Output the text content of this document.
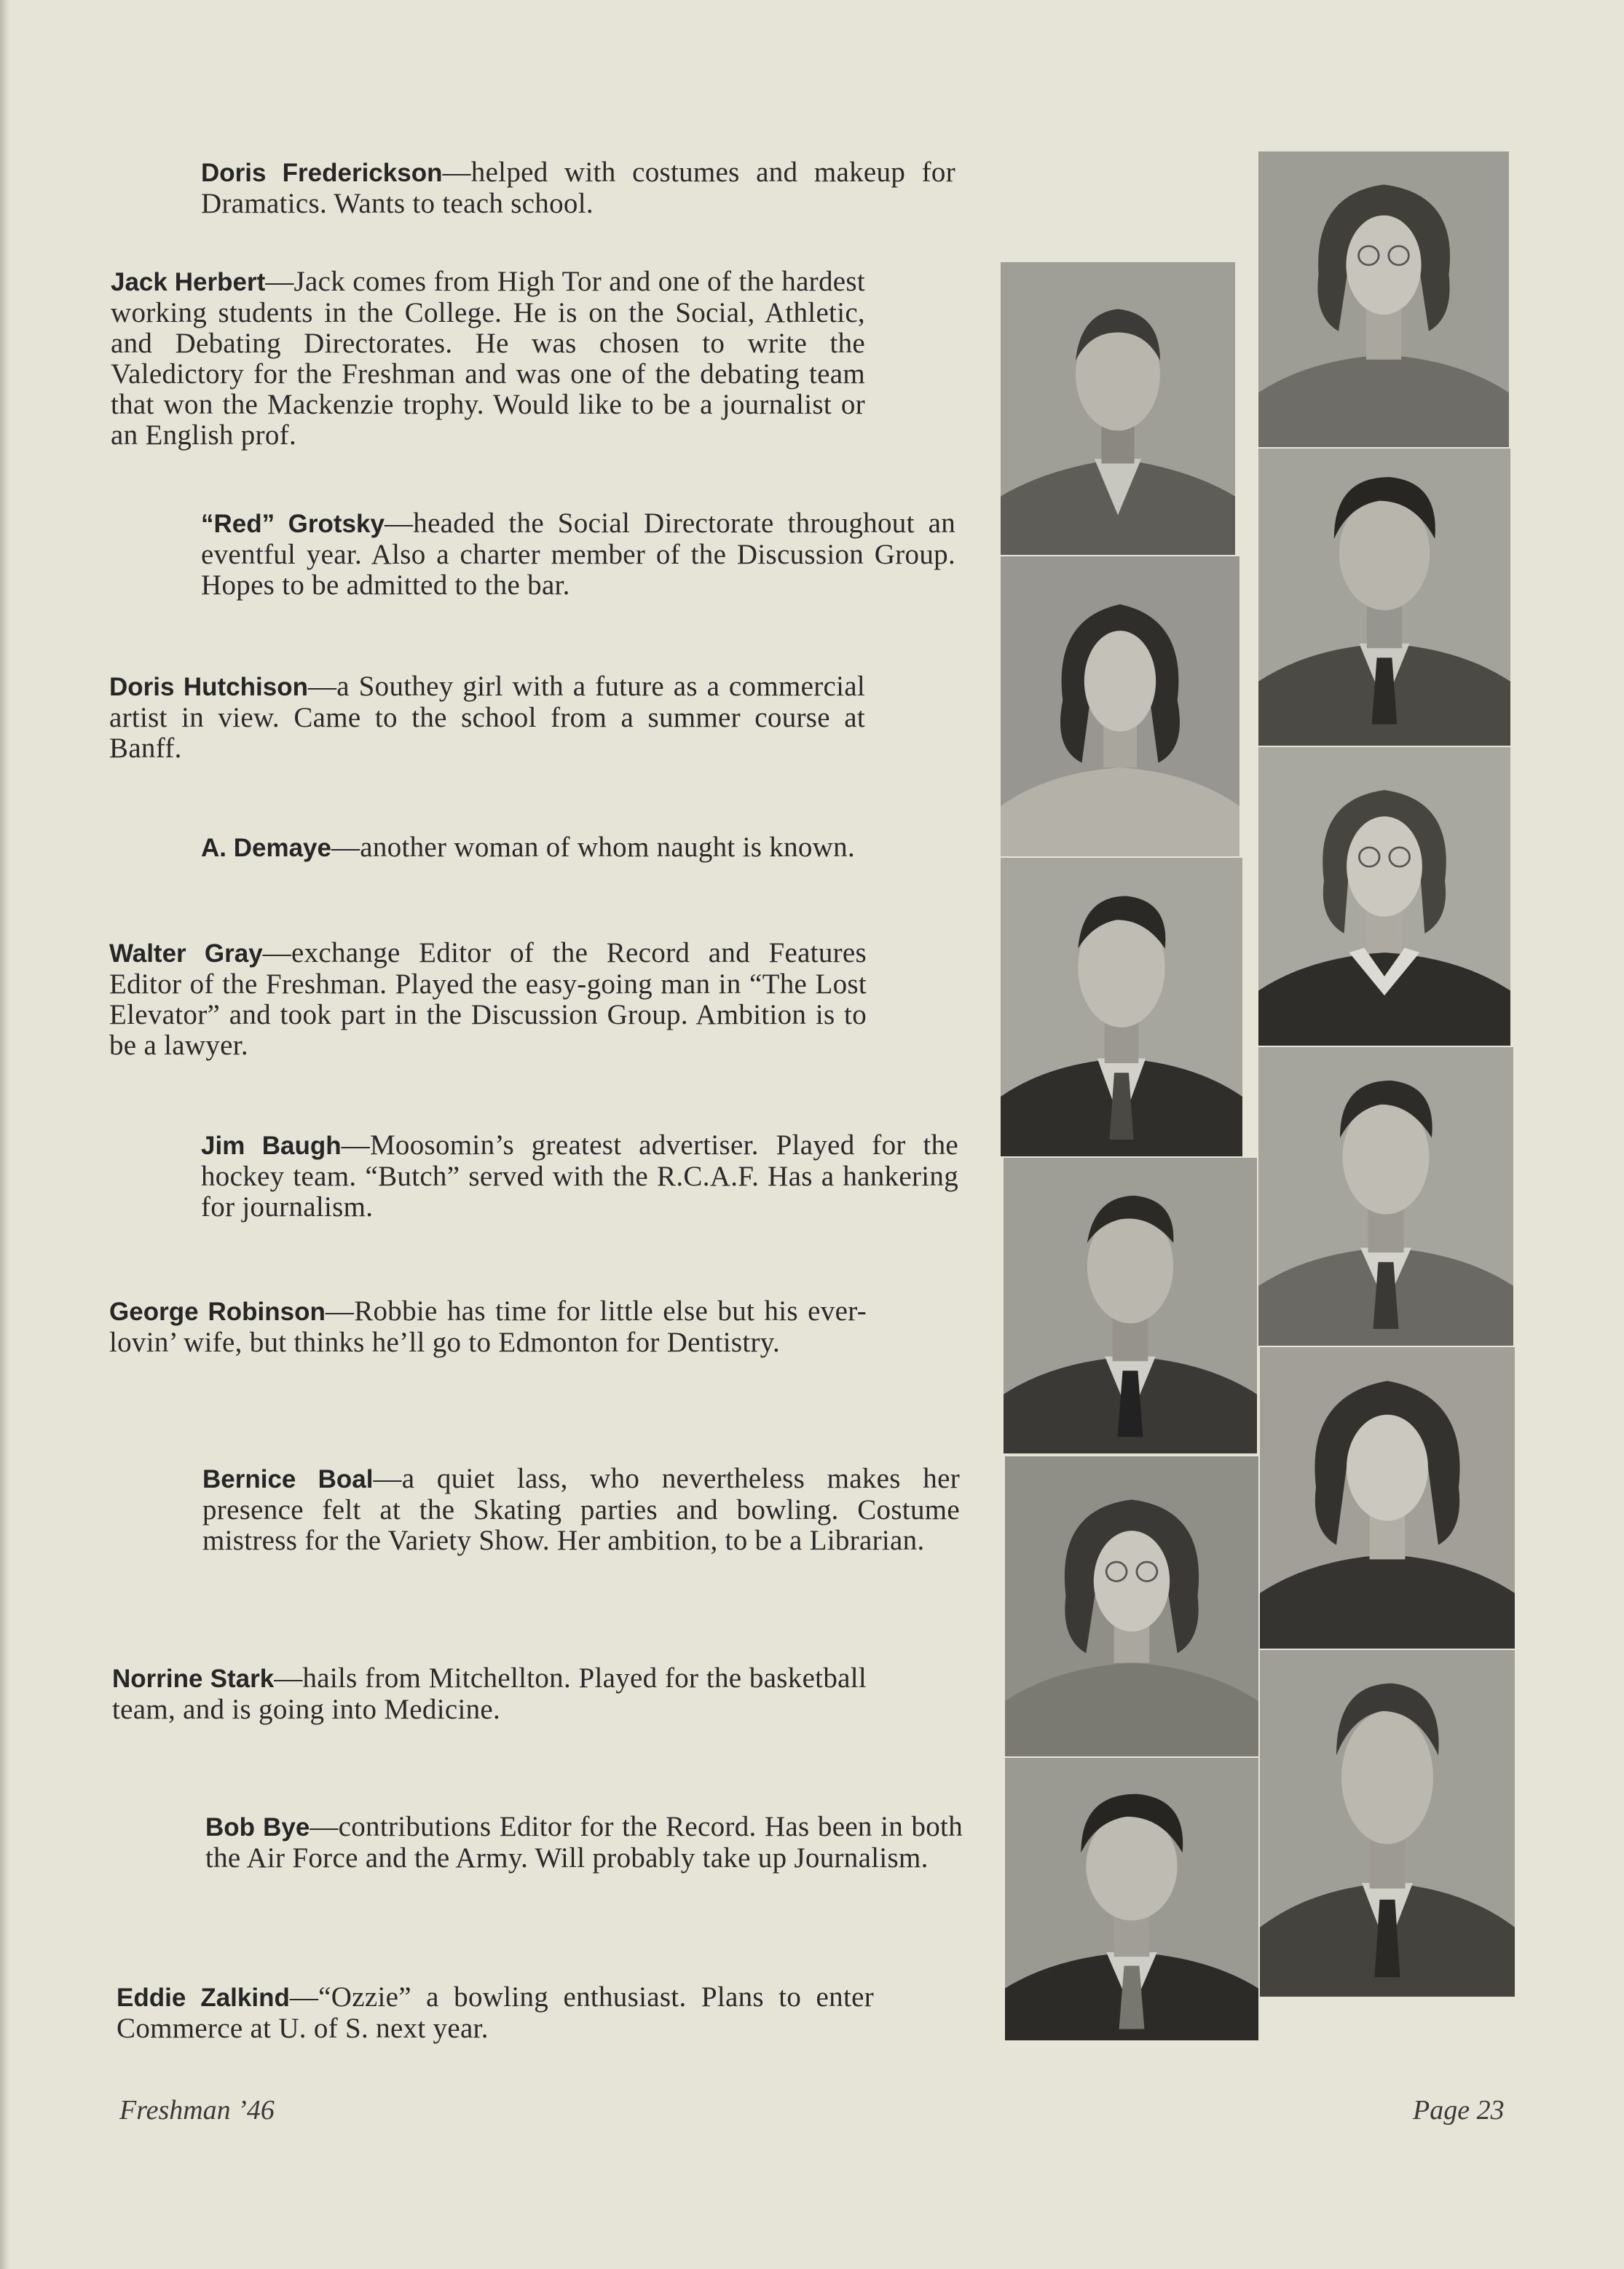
Doris Frederickson—helped with costumes and makeup for Dramatics. Wants to teach school.
Jack Herbert—Jack comes from High Tor and one of the hardest working students in the College. He is on the Social, Athletic, and Debating Directorates. He was chosen to write the Valedictory for the Freshman and was one of the debating team that won the Mackenzie trophy. Would like to be a journalist or an English prof.
“Red” Grotsky—headed the Social Directorate throughout an eventful year. Also a charter member of the Discussion Group. Hopes to be admitted to the bar.
Doris Hutchison—a Southey girl with a future as a commercial artist in view. Came to the school from a summer course at Banff.
A. Demaye—another woman of whom naught is known.
Walter Gray—exchange Editor of the Record and Features Editor of the Freshman. Played the easy-going man in “The Lost Elevator” and took part in the Discussion Group. Ambition is to be a lawyer.
Jim Baugh—Moosomin’s greatest advertiser. Played for the hockey team. “Butch” served with the R.C.A.F. Has a hankering for journalism.
George Robinson—Robbie has time for little else but his ever-lovin’ wife, but thinks he’ll go to Edmonton for Dentistry.
Bernice Boal—a quiet lass, who nevertheless makes her presence felt at the Skating parties and bowling. Costume mistress for the Variety Show. Her ambition, to be a Librarian.
Norrine Stark—hails from Mitchellton. Played for the basketball team, and is going into Medicine.
Bob Bye—contributions Editor for the Record. Has been in both the Air Force and the Army. Will probably take up Journalism.
Eddie Zalkind—“Ozzie” a bowling enthusiast. Plans to enter Commerce at U. of S. next year.
Freshman ’46	Page 23
